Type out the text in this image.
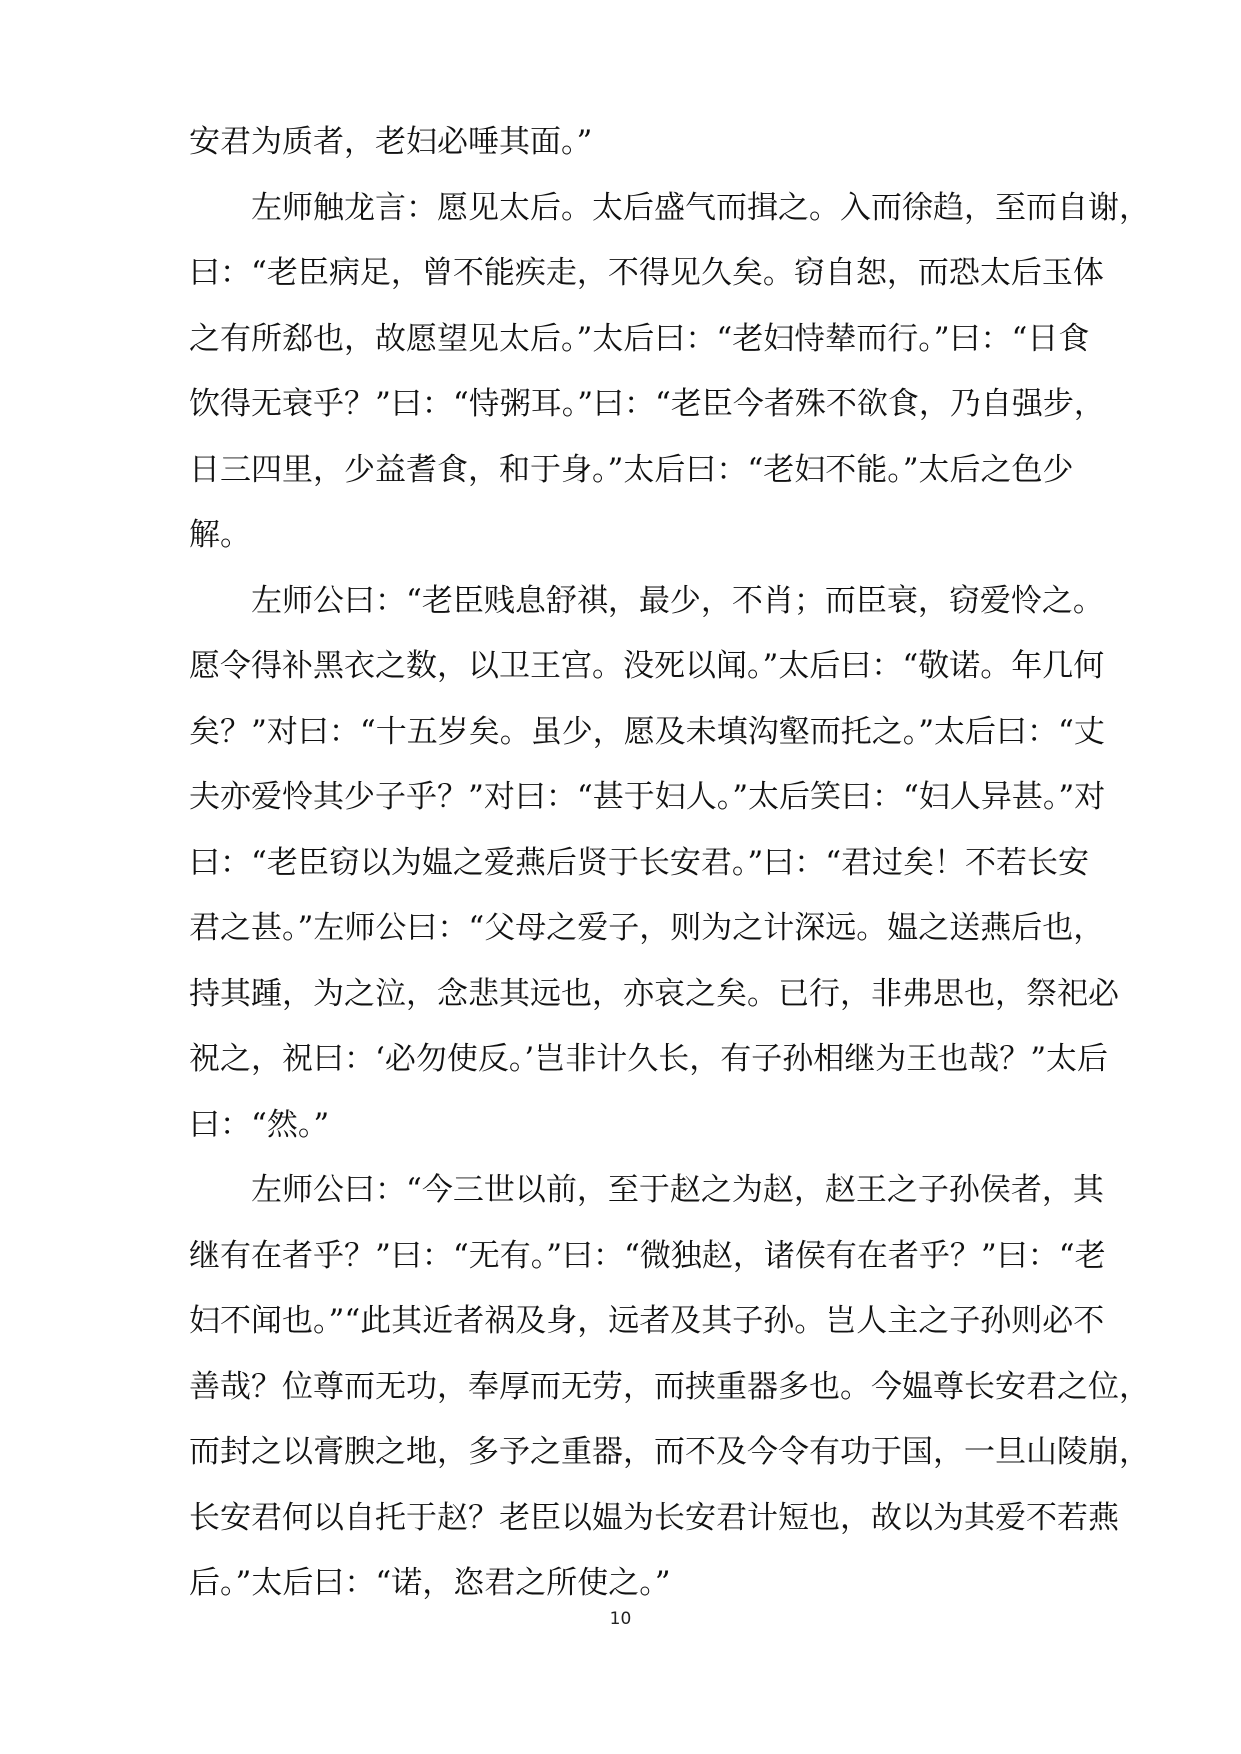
安君为质者，老妇必唾其面。”
左师触龙言：愿见太后。太后盛气而揖之。入而徐趋，至而自谢，
曰：“老臣病足，曾不能疾走，不得见久矣。窃自恕，而恐太后玉体
之有所郄也，故愿望见太后。”太后曰：“老妇恃辇而行。”曰：“日食
饮得无衰乎？”曰：“恃粥耳。”曰：“老臣今者殊不欲食，乃自强步，
日三四里，少益耆食，和于身。”太后曰：“老妇不能。”太后之色少
解。
左师公曰：“老臣贱息舒祺，最少，不肖；而臣衰，窃爱怜之。
愿令得补黑衣之数，以卫王宫。没死以闻。”太后曰：“敬诺。年几何
矣？”对曰：“十五岁矣。虽少，愿及未填沟壑而托之。”太后曰：“丈
夫亦爱怜其少子乎？”对曰：“甚于妇人。”太后笑曰：“妇人异甚。”对
曰：“老臣窃以为媪之爱燕后贤于长安君。”曰：“君过矣！不若长安
君之甚。”左师公曰：“父母之爱子，则为之计深远。媪之送燕后也，
持其踵，为之泣，念悲其远也，亦哀之矣。已行，非弗思也，祭祀必
祝之，祝曰：‘必勿使反。’岂非计久长，有子孙相继为王也哉？”太后
曰：“然。”
左师公曰：“今三世以前，至于赵之为赵，赵王之子孙侯者，其
继有在者乎？”曰：“无有。”曰：“微独赵，诸侯有在者乎？”曰：“老
妇不闻也。”“此其近者祸及身，远者及其子孙。岂人主之子孙则必不
善哉？位尊而无功，奉厚而无劳，而挟重器多也。今媪尊长安君之位，
而封之以膏腴之地，多予之重器，而不及今令有功于国，一旦山陵崩，
长安君何以自托于赵？老臣以媪为长安君计短也，故以为其爱不若燕
后。”太后曰：“诺，恣君之所使之。”
10
